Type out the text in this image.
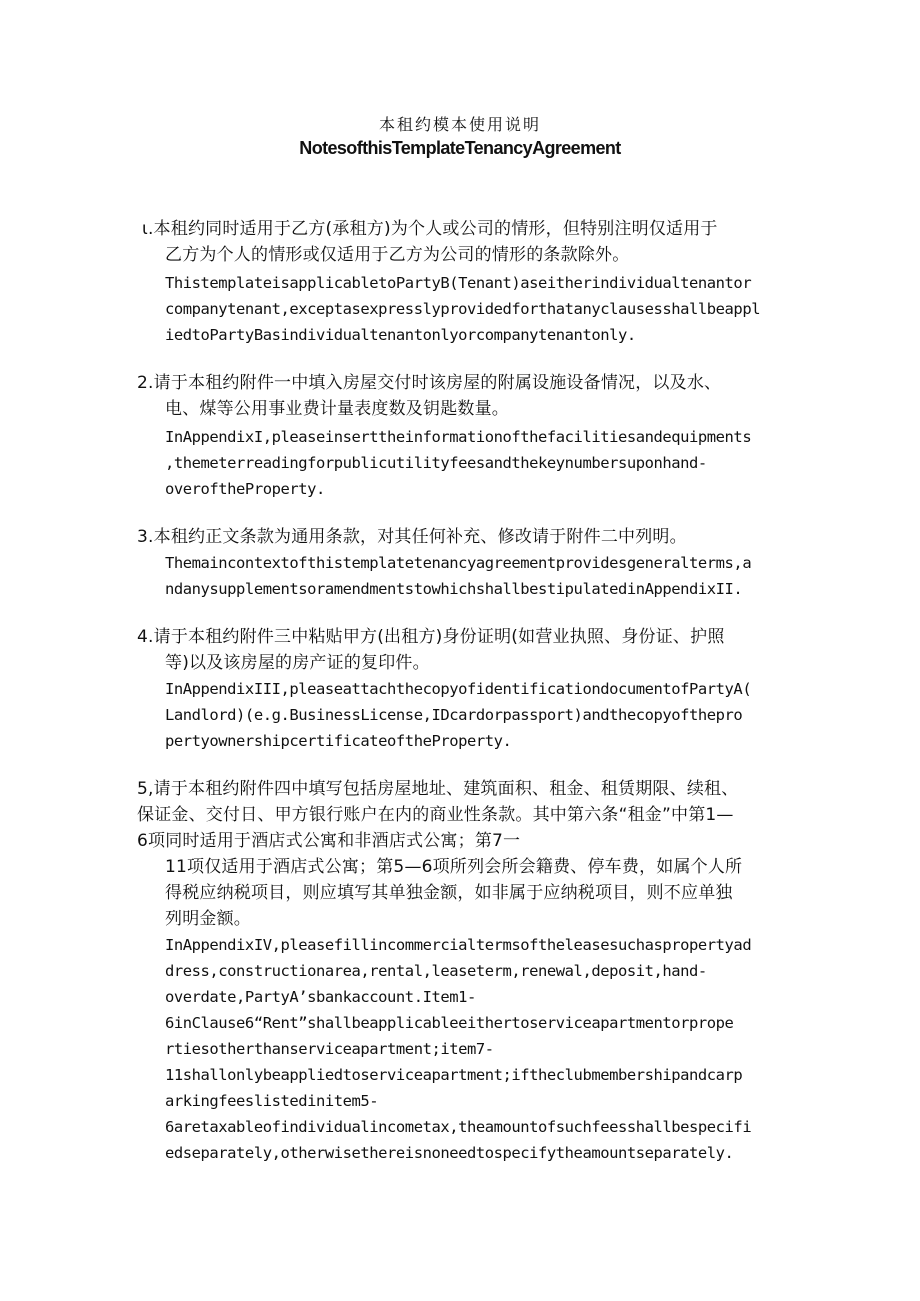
本租约模本使用说明
NotesofthisTemplateTenancyAgreement
ι.本租约同时适用于乙方(承租方)为个人或公司的情形，但特别注明仅适用于
乙方为个人的情形或仅适用于乙方为公司的情形的条款除外。
ThistemplateisapplicabletoPartyB(Tenant)aseitherindividualtenantor
companytenant,exceptasexpresslyprovidedforthatanyclausesshallbeappl
iedtoPartyBasindividualtenantonlyorcompanytenantonly.
2.请于本租约附件一中填入房屋交付时该房屋的附属设施设备情况，以及水、
电、煤等公用事业费计量表度数及钥匙数量。
InAppendixI,pleaseinserttheinformationofthefacilitiesandequipments
,themeterreadingforpublicutilityfeesandthekeynumbersuponhand-
overoftheProperty.
3.本租约正文条款为通用条款，对其任何补充、修改请于附件二中列明。
Themaincontextofthistemplatetenancyagreementprovidesgeneralterms,a
ndanysupplementsoramendmentstowhichshallbestipulatedinAppendixII.
4.请于本租约附件三中粘贴甲方(出租方)身份证明(如营业执照、身份证、护照
等)以及该房屋的房产证的复印件。
InAppendixIII,pleaseattachthecopyofidentificationdocumentofPartyA(
Landlord)(e.g.BusinessLicense,IDcardorpassport)andthecopyofthepro
pertyownershipcertificateoftheProperty.
5,请于本租约附件四中填写包括房屋地址、建筑面积、租金、租赁期限、续租、
保证金、交付日、甲方银行账户在内的商业性条款。其中第六条“租金”中第1—
6项同时适用于酒店式公寓和非酒店式公寓；第7一
11项仅适用于酒店式公寓；第5—6项所列会所会籍费、停车费，如属个人所
得税应纳税项目，则应填写其单独金额，如非属于应纳税项目，则不应单独
列明金额。
InAppendixIV,pleasefillincommercialtermsoftheleasesuchaspropertyad
dress,constructionarea,rental,leaseterm,renewal,deposit,hand-
overdate,PartyA’sbankaccount.Item1-
6inClause6“Rent”shallbeapplicableeithertoserviceapartmentorprope
rtiesotherthanserviceapartment;item7-
11shallonlybeappliedtoserviceapartment;iftheclubmembershipandcarp
arkingfeeslistedinitem5-
6aretaxableofindividualincometax,theamountofsuchfeesshallbespecifi
edseparately,otherwisethereisnoneedtospecifytheamountseparately.
